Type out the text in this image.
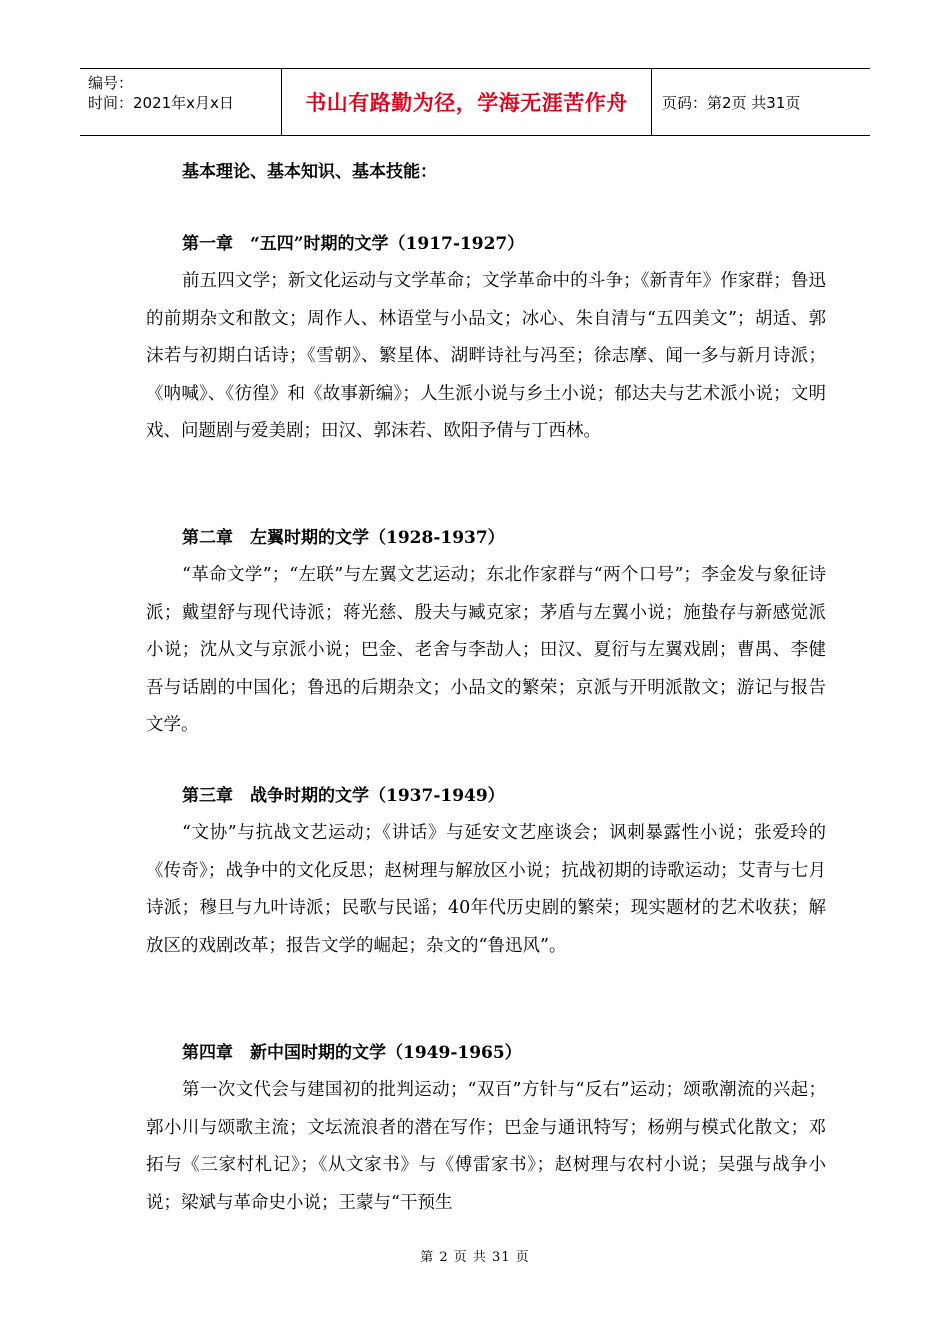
编号：
时间：2021年x月x日	书山有路勤为径，学海无涯苦作舟 页码：第2页 共31页
基本理论、基本知识、基本技能：
第一章　“五四”时期的文学（1917-1927）
前五四文学；新文化运动与文学革命；文学革命中的斗争；《新青年》作家群；鲁迅的前期杂文和散文；周作人、林语堂与小品文；冰心、朱自清与“五四美文”；胡适、郭沫若与初期白话诗；《雪朝》、繁星体、湖畔诗社与冯至；徐志摩、闻一多与新月诗派；《呐喊》、《彷徨》和《故事新编》；人生派小说与乡土小说；郁达夫与艺术派小说；文明戏、问题剧与爱美剧；田汉、郭沫若、欧阳予倩与丁西林。
第二章　左翼时期的文学（1928-1937）
“革命文学”；“左联”与左翼文艺运动；东北作家群与“两个口号”；李金发与象征诗派；戴望舒与现代诗派；蒋光慈、殷夫与臧克家；茅盾与左翼小说；施蛰存与新感觉派小说；沈从文与京派小说；巴金、老舍与李劼人；田汉、夏衍与左翼戏剧；曹禺、李健吾与话剧的中国化；鲁迅的后期杂文；小品文的繁荣；京派与开明派散文；游记与报告文学。
第三章　战争时期的文学（1937-1949）
“文协”与抗战文艺运动；《讲话》与延安文艺座谈会；讽刺暴露性小说；张爱玲的《传奇》；战争中的文化反思；赵树理与解放区小说；抗战初期的诗歌运动；艾青与七月诗派；穆旦与九叶诗派；民歌与民谣；40年代历史剧的繁荣；现实题材的艺术收获；解放区的戏剧改革；报告文学的崛起；杂文的“鲁迅风”。
第四章　新中国时期的文学（1949-1965）
第一次文代会与建国初的批判运动；“双百”方针与“反右”运动；颂歌潮流的兴起；郭小川与颂歌主流；文坛流浪者的潜在写作；巴金与通讯特写；杨朔与模式化散文；邓拓与《三家村札记》；《从文家书》与《傅雷家书》；赵树理与农村小说；吴强与战争小说；梁斌与革命史小说；王蒙与“干预生
第 2 页 共 31 页
